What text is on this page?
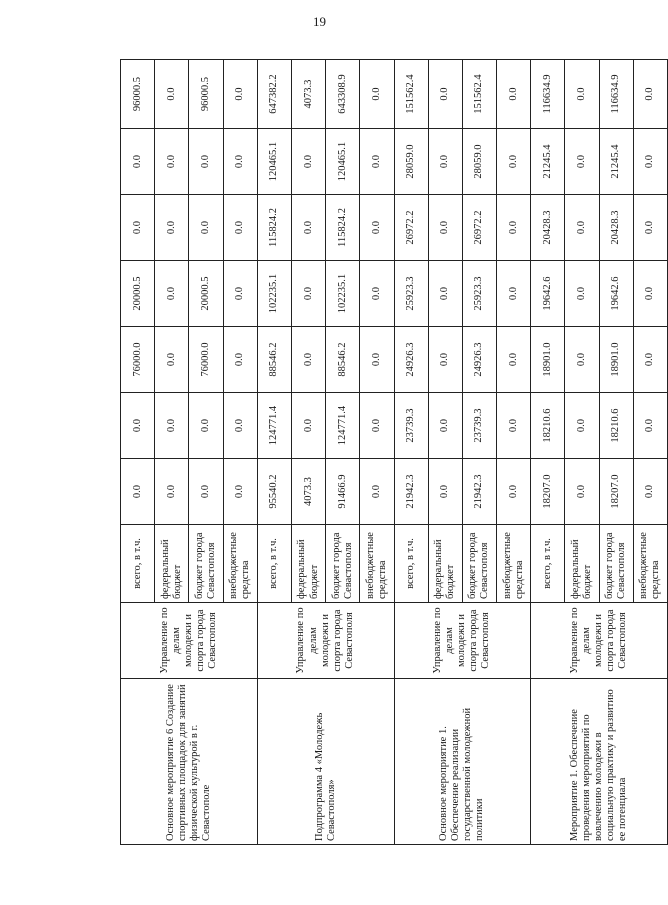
19
Основное мероприятие 6 Создание спортивных площадок для занятий физической культурой в г. Севастополе	Управление по делам молодежи и спорта города Севастополя	всего, в т.ч.	0.0	0.0	76000.0	20000.5	0.0	0.0	96000.5
		федеральный бюджет	0.0	0.0	0.0	0.0	0.0	0.0	0.0
		бюджет города Севастополя	0.0	0.0	76000.0	20000.5	0.0	0.0	96000.5
		внебюджетные средства	0.0	0.0	0.0	0.0	0.0	0.0	0.0
Подпрограмма 4 «Молодежь Севастополя»	Управление по делам молодежи и спорта города Севастополя	всего, в т.ч.	95540.2	124771.4	88546.2	102235.1	115824.2	120465.1	647382.2
		федеральный бюджет	4073.3	0.0	0.0	0.0	0.0	0.0	4073.3
		бюджет города Севастополя	91466.9	124771.4	88546.2	102235.1	115824.2	120465.1	643308.9
		внебюджетные средства	0.0	0.0	0.0	0.0	0.0	0.0	0.0
Основное мероприятие 1. Обеспечение реализации государственной молодежной политики	Управление по делам молодежи и спорта города Севастополя	всего, в т.ч.	21942.3	23739.3	24926.3	25923.3	26972.2	28059.0	151562.4
		федеральный бюджет	0.0	0.0	0.0	0.0	0.0	0.0	0.0
		бюджет города Севастополя	21942.3	23739.3	24926.3	25923.3	26972.2	28059.0	151562.4
		внебюджетные средства	0.0	0.0	0.0	0.0	0.0	0.0	0.0
Мероприятие 1. Обеспечение проведения мероприятий по вовлечению молодежи в социальную практику и развитию ее потенциала	Управление по делам молодежи и спорта города Севастополя	всего, в т.ч.	18207.0	18210.6	18901.0	19642.6	20428.3	21245.4	116634.9
		федеральный бюджет	0.0	0.0	0.0	0.0	0.0	0.0	0.0
		бюджет города Севастополя	18207.0	18210.6	18901.0	19642.6	20428.3	21245.4	116634.9
		внебюджетные средства	0.0	0.0	0.0	0.0	0.0	0.0	0.0
